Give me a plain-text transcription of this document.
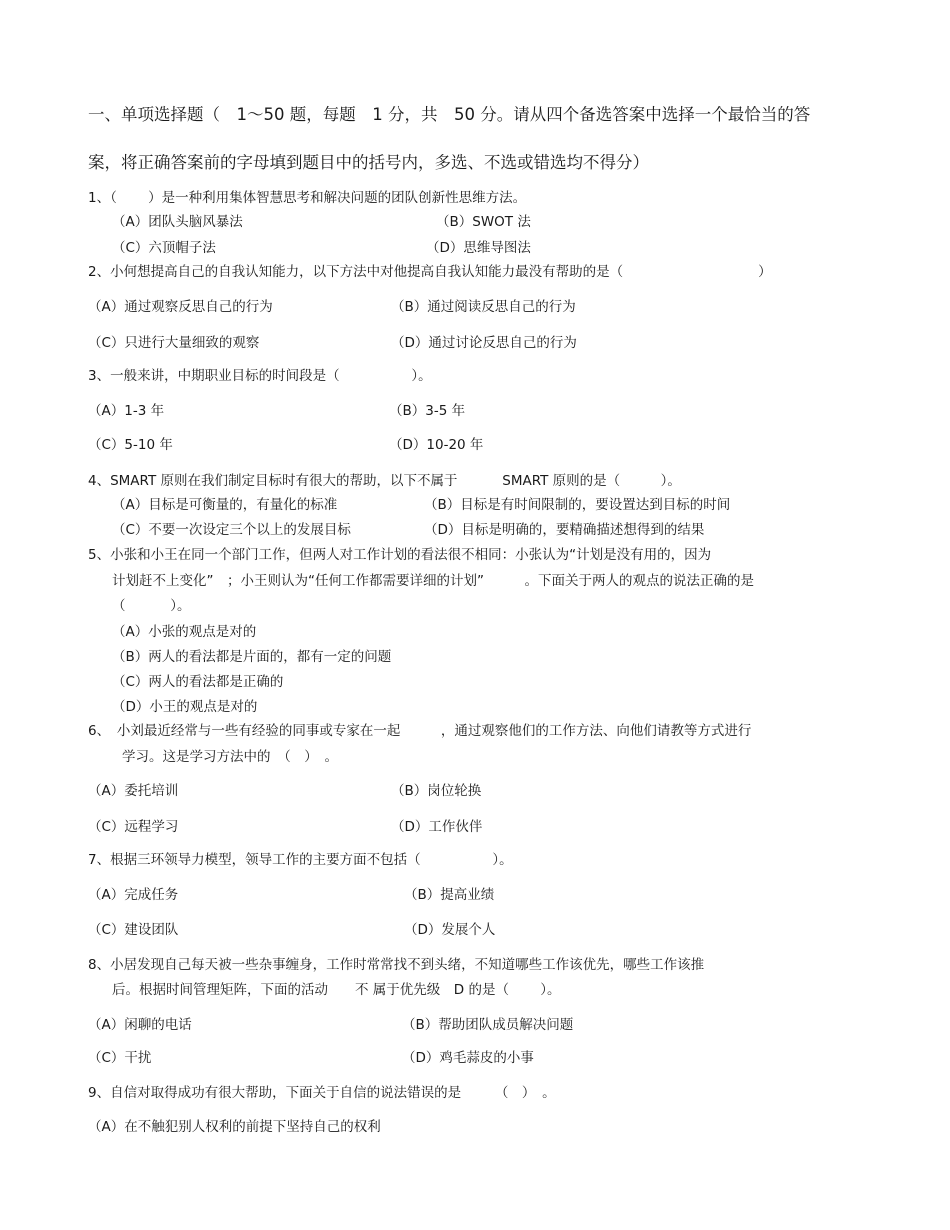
一、单项选择题（　1～50 题，每题　1 分，共　50 分。请从四个备选答案中选择一个最恰当的答
案，将正确答案前的字母填到题目中的括号内，多选、不选或错选均不得分）
1、（　　 ）是一种利用集体智慧思考和解决问题的团队创新性思维方法。
（A）团队头脑风暴法	（B）SWOT 法
（C）六顶帽子法	（D）思维导图法
2、小何想提高自己的自我认知能力，以下方法中对他提高自我认知能力最没有帮助的是（　　　　　　　　　　）
（A）通过观察反思自己的行为	（B）通过阅读反思自己的行为
（C）只进行大量细致的观察	（D）通过讨论反思自己的行为
3、一般来讲，中期职业目标的时间段是（　　　　　 ）。
（A）1-3 年	（B）3-5 年
（C）5-10 年	（D）10-20 年
4、SMART 原则在我们制定目标时有很大的帮助，以下不属于　　　 SMART 原则的是（　　　）。
（A）目标是可衡量的，有量化的标准	（B）目标是有时间限制的，要设置达到目标的时间
（C）不要一次设定三个以上的发展目标	（D）目标是明确的，要精确描述想得到的结果
5、小张和小王在同一个部门工作，但两人对工作计划的看法很不相同：小张认为“计划是没有用的，因为
计划赶不上变化”　；小王则认为“任何工作都需要详细的计划”　　　。下面关于两人的观点的说法正确的是
（　　　 ）。
（A）小张的观点是对的
（B）两人的看法都是片面的，都有一定的问题
（C）两人的看法都是正确的
（D）小王的观点是对的
6、　小刘最近经常与一些有经验的同事或专家在一起　　　，通过观察他们的工作方法、向他们请教等方式进行
学习。这是学习方法中的　（　）　。
（A）委托培训	（B）岗位轮换
（C）远程学习	（D）工作伙伴
7、根据三环领导力模型，领导工作的主要方面不包括（　　　　　 ）。
（A）完成任务	（B）提高业绩
（C）建设团队	（D）发展个人
8、小居发现自己每天被一些杂事缠身，工作时常常找不到头绪，不知道哪些工作该优先，哪些工作该推
后。根据时间管理矩阵，下面的活动　　不 属于优先级　D 的是（　　 ）。
（A）闲聊的电话	（B）帮助团队成员解决问题
（C）干扰	（D）鸡毛蒜皮的小事
9、自信对取得成功有很大帮助，下面关于自信的说法错误的是　　　（　）　。
（A）在不触犯别人权利的前提下坚持自己的权利
